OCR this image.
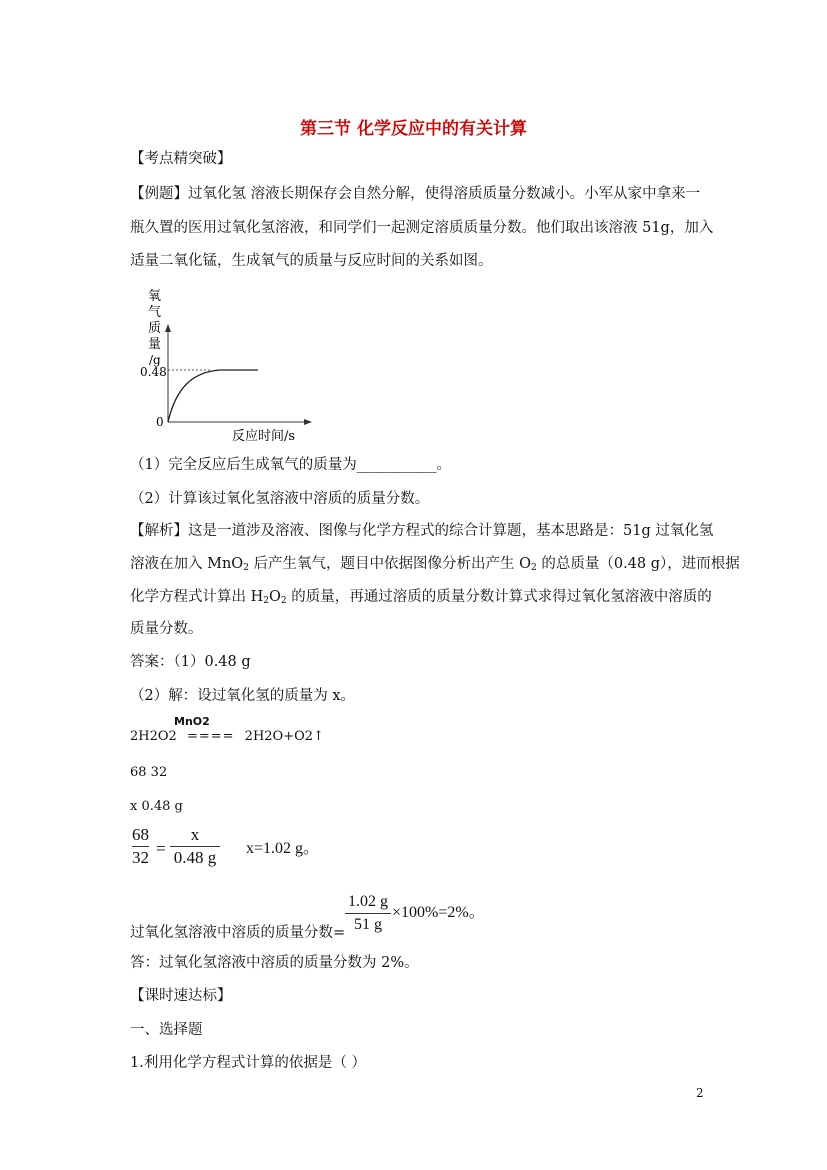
第三节 化学反应中的有关计算
【考点精突破】
【例题】过氧化氢 溶液长期保存会自然分解，使得溶质质量分数减小。小军从家中拿来一
瓶久置的医用过氧化氢溶液，和同学们一起测定溶质质量分数。他们取出该溶液 51g，加入
适量二氧化锰，生成氧气的质量与反应时间的关系如图。
氧
气
质
量
/g
0.48
0
反应时间/s
（1）完全反应后生成氧气的质量为___________。
（2）计算该过氧化氢溶液中溶质的质量分数。
【解析】这是一道涉及溶液、图像与化学方程式的综合计算题，基本思路是：51g 过氧化氢
溶液在加入 MnO$_2$ 后产生氧气，题目中依据图像分析出产生 $O_2$ 的总质量（0.48 g），进而根据
化学方程式计算出 $H_2O_2$ 的质量，再通过溶质的质量分数计算式求得过氧化氢溶液中溶质的
质量分数。
答案：（1）0.48 g
（2）解：设过氧化氢的质量为 x。
MnO2
2H2O2 ==== 2H2O+O2↑
68 32
x 0.48 g
68
32 =
x
0.48 g x=1.02 g。
过氧化氢溶液中溶质的质量分数=
1.02 g
51 g
×100%=2%。
答：过氧化氢溶液中溶质的质量分数为 2%。
【课时速达标】
一、选择题
1.利用化学方程式计算的依据是（ ）
2
